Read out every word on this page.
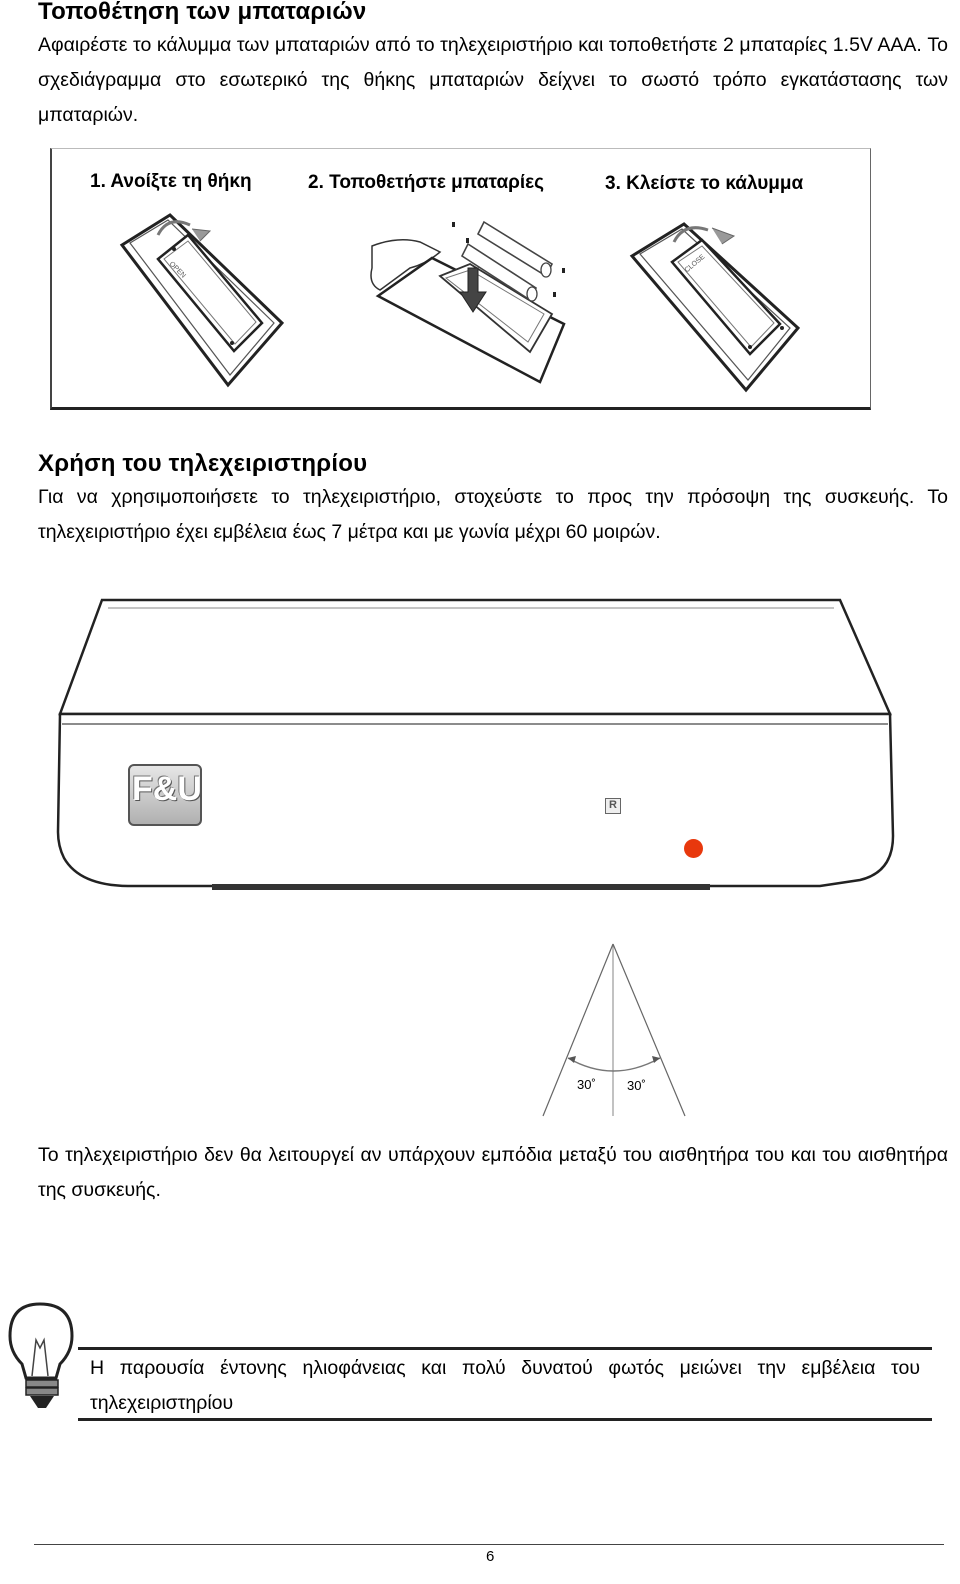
Τοποθέτηση των μπαταριών
Αφαιρέστε το κάλυμμα των μπαταριών από το τηλεχειριστήριο και τοποθετήστε 2 μπαταρίες 1.5V AAA. Το σχεδιάγραμμα στο εσωτερικό της θήκης μπαταριών δείχνει το σωστό τρόπο εγκατάστασης των μπαταριών.
1. Ανοίξτε τη θήκη	2. Τοποθετήστε μπαταρίες	3. Κλείστε το κάλυμμα
OPEN	CLOSE
Χρήση του τηλεχειριστηρίου
Για να χρησιμοποιήσετε το τηλεχειριστήριο, στοχεύστε το προς την πρόσοψη της συσκευής. Το τηλεχειριστήριο έχει εμβέλεια έως 7 μέτρα και με γωνία μέχρι 60 μοιρών.
F&U	R
30˚ 30˚
Το τηλεχειριστήριο δεν θα λειτουργεί αν υπάρχουν εμπόδια μεταξύ του αισθητήρα του και του αισθητήρα της συσκευής.
Η παρουσία έντονης ηλιοφάνειας και πολύ δυνατού φωτός μειώνει την εμβέλεια του τηλεχειριστηρίου
6
